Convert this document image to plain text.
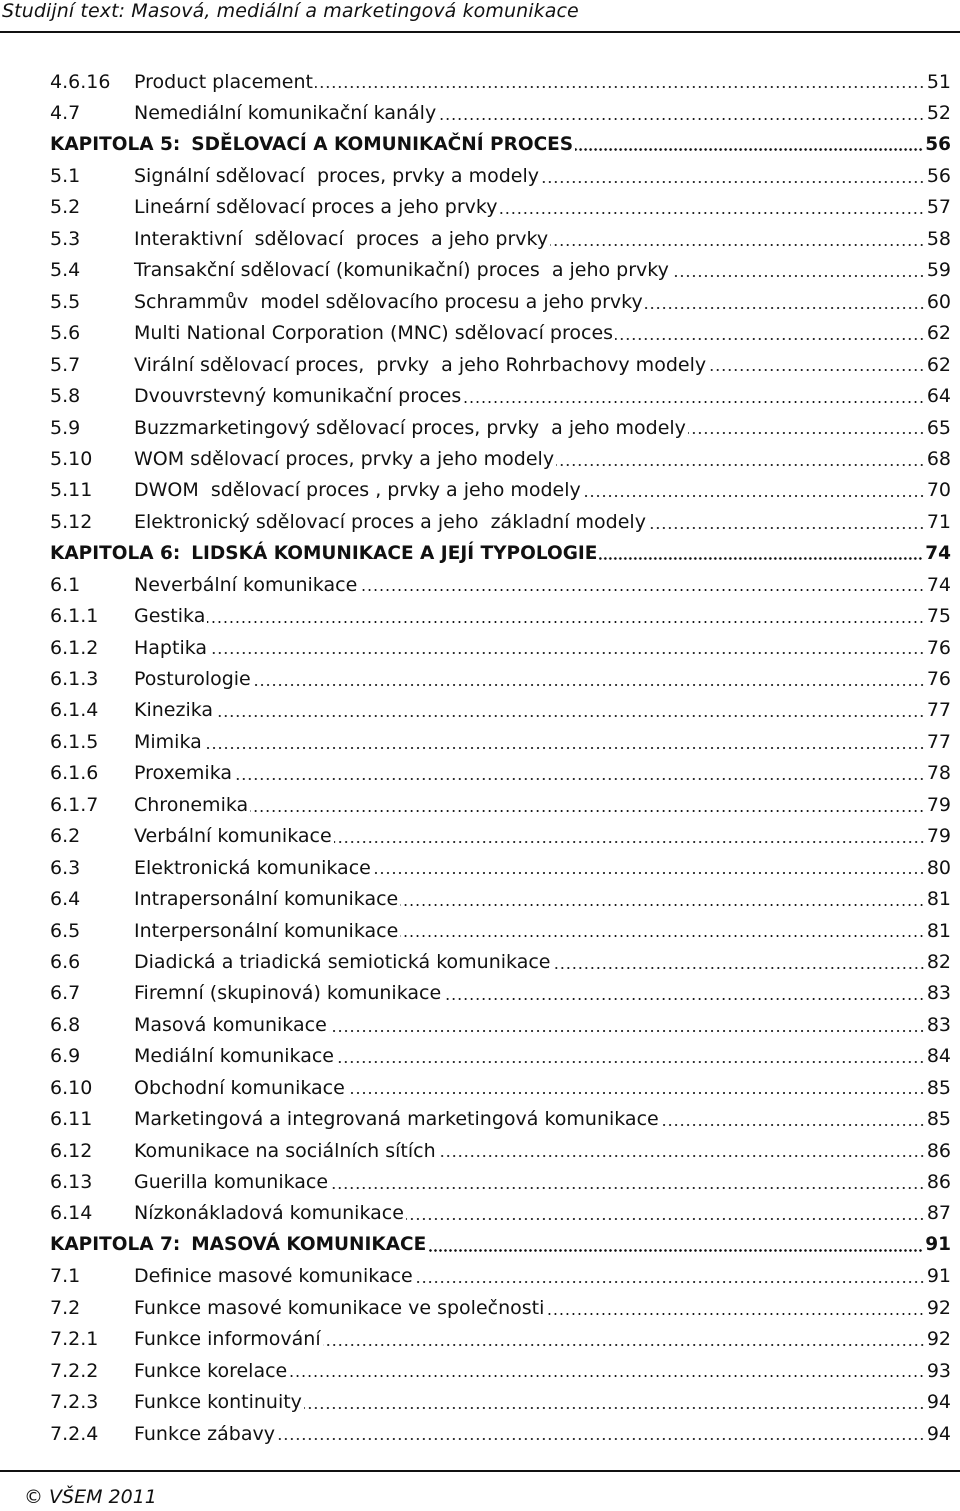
Studijní text: Masová, mediální a marketingová komunikace
4.6.16	Product placement	51
4.7	Nemediální komunikační kanály	52
KAPITOLA 5: SDĚLOVACÍ A KOMUNIKAČNÍ PROCES	56
5.1	Signální sdělovací  proces, prvky a modely	56
5.2	Lineární sdělovací proces a jeho prvky	57
5.3	Interaktivní  sdělovací  proces  a jeho prvky	58
5.4	Transakční sdělovací (komunikační) proces  a jeho prvky	59
5.5	Schrammův  model sdělovacího procesu a jeho prvky	60
5.6	Multi National Corporation (MNC) sdělovací proces	62
5.7	Virální sdělovací proces,  prvky  a jeho Rohrbachovy modely	62
5.8	Dvouvrstevný komunikační proces	64
5.9	Buzzmarketingový sdělovací proces, prvky  a jeho modely	65
5.10	WOM sdělovací proces, prvky a jeho modely	68
5.11	DWOM  sdělovací proces , prvky a jeho modely	70
5.12	Elektronický sdělovací proces a jeho  základní modely	71
KAPITOLA 6: LIDSKÁ KOMUNIKACE A JEJÍ TYPOLOGIE	74
6.1	Neverbální komunikace	74
6.1.1	Gestika	75
6.1.2	Haptika	76
6.1.3	Posturologie	76
6.1.4	Kinezika	77
6.1.5	Mimika	77
6.1.6	Proxemika	78
6.1.7	Chronemika	79
6.2	Verbální komunikace	79
6.3	Elektronická komunikace	80
6.4	Intrapersonální komunikace	81
6.5	Interpersonální komunikace	81
6.6	Diadická a triadická semiotická komunikace	82
6.7	Firemní (skupinová) komunikace	83
6.8	Masová komunikace	83
6.9	Mediální komunikace	84
6.10	Obchodní komunikace	85
6.11	Marketingová a integrovaná marketingová komunikace	85
6.12	Komunikace na sociálních sítích	86
6.13	Guerilla komunikace	86
6.14	Nízkonákladová komunikace	87
KAPITOLA 7: MASOVÁ KOMUNIKACE	91
7.1	Definice masové komunikace	91
7.2	Funkce masové komunikace ve společnosti	92
7.2.1	Funkce informování	92
7.2.2	Funkce korelace	93
7.2.3	Funkce kontinuity	94
7.2.4	Funkce zábavy	94
© VŠEM 2011
